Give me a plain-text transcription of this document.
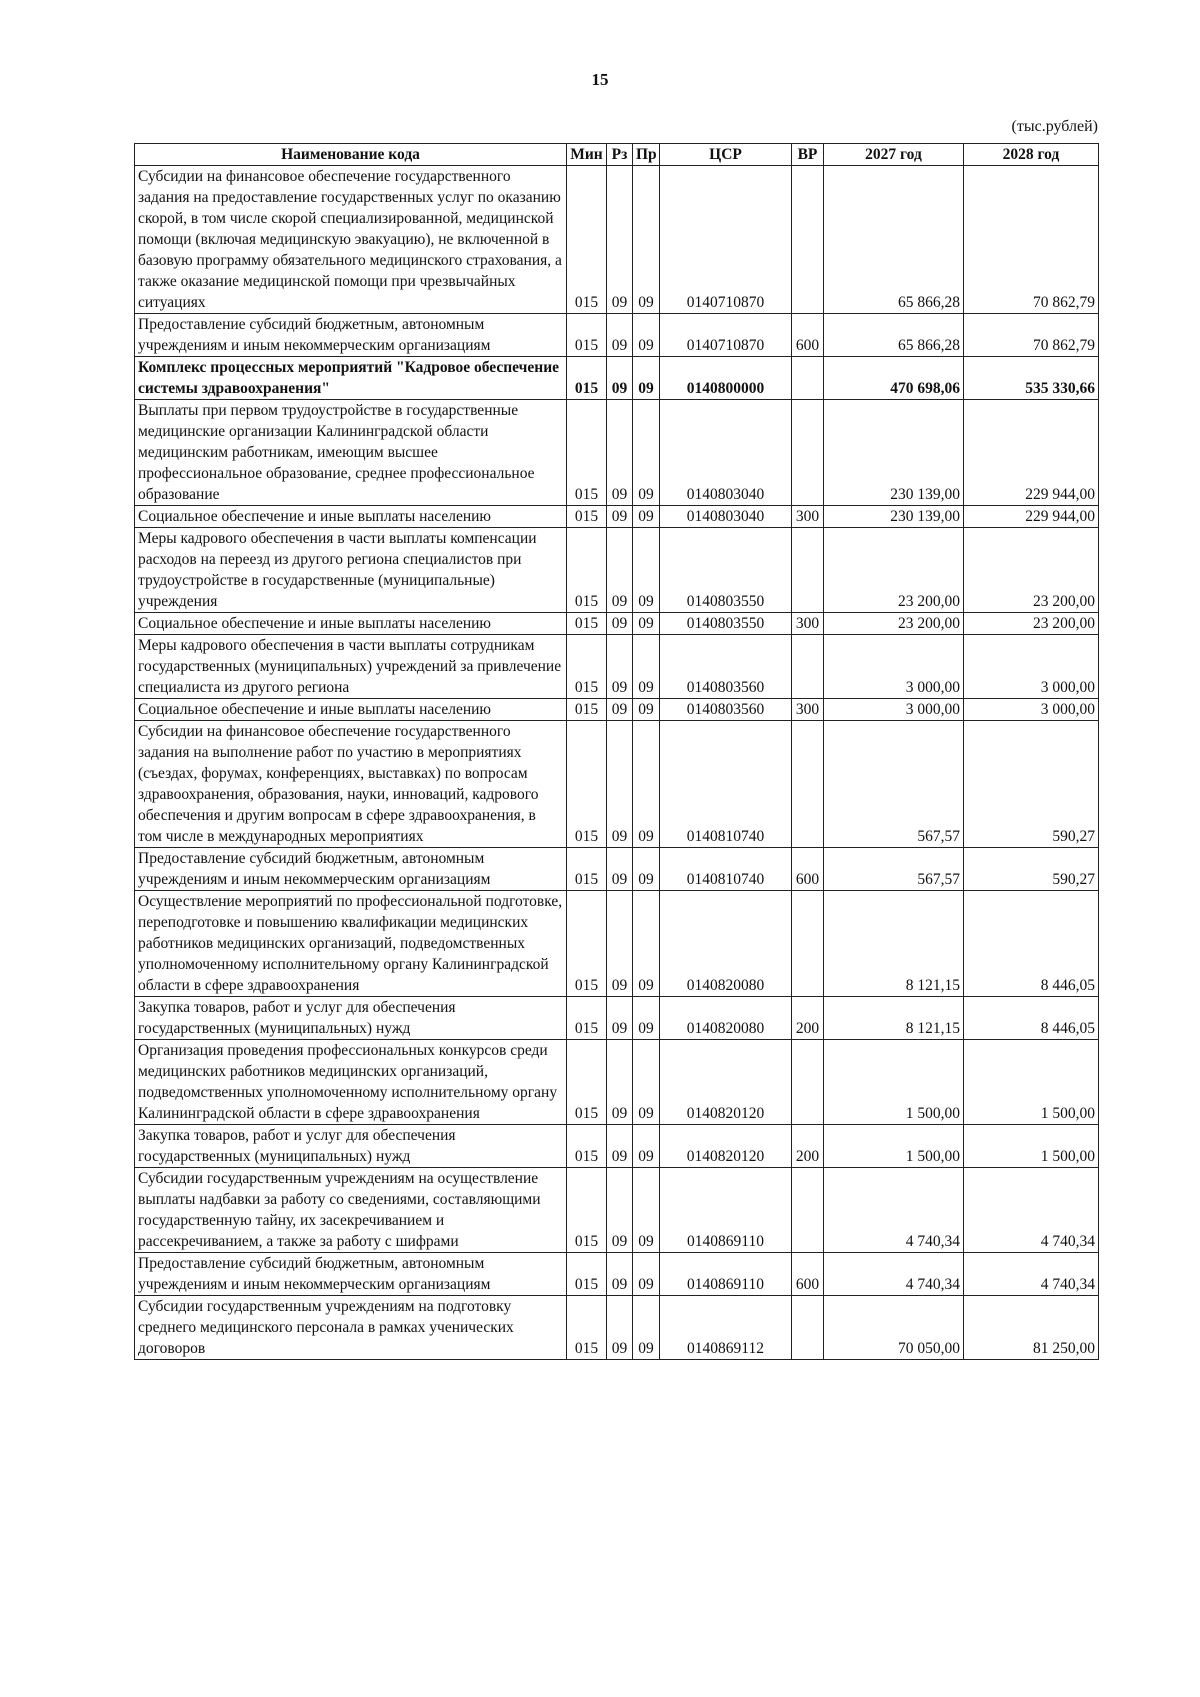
15
(тыс.рублей)
Наименование кода	Мин	Рз	Пр	ЦСР	ВР	2027 год	2028 год
Субсидии на финансовое обеспечение государственного задания на предоставление государственных услуг по оказанию скорой, в том числе скорой специализированной, медицинской помощи (включая медицинскую эвакуацию), не включенной в базовую программу обязательного медицинского страхования, а также оказание медицинской помощи при чрезвычайных ситуациях	015	09	09	0140710870		65 866,28	70 862,79
Предоставление субсидий бюджетным, автономным учреждениям и иным некоммерческим организациям	015	09	09	0140710870	600	65 866,28	70 862,79
Комплекс процессных мероприятий "Кадровое обеспечение системы здравоохранения"	015	09	09	0140800000		470 698,06	535 330,66
Выплаты при первом трудоустройстве в государственные медицинские организации Калининградской области медицинским работникам, имеющим высшее профессиональное образование, среднее профессиональное образование	015	09	09	0140803040		230 139,00	229 944,00
Социальное обеспечение и иные выплаты населению	015	09	09	0140803040	300	230 139,00	229 944,00
Меры кадрового обеспечения в части выплаты компенсации расходов на переезд из другого региона специалистов при трудоустройстве в государственные (муниципальные) учреждения	015	09	09	0140803550		23 200,00	23 200,00
Социальное обеспечение и иные выплаты населению	015	09	09	0140803550	300	23 200,00	23 200,00
Меры кадрового обеспечения в части выплаты сотрудникам государственных (муниципальных) учреждений за привлечение специалиста из другого региона	015	09	09	0140803560		3 000,00	3 000,00
Социальное обеспечение и иные выплаты населению	015	09	09	0140803560	300	3 000,00	3 000,00
Субсидии на финансовое обеспечение государственного задания на выполнение работ по участию в мероприятиях (съездах, форумах, конференциях, выставках) по вопросам здравоохранения, образования, науки, инноваций, кадрового обеспечения и другим вопросам в сфере здравоохранения, в том числе в международных мероприятиях	015	09	09	0140810740		567,57	590,27
Предоставление субсидий бюджетным, автономным учреждениям и иным некоммерческим организациям	015	09	09	0140810740	600	567,57	590,27
Осуществление мероприятий по профессиональной подготовке, переподготовке и повышению квалификации медицинских работников медицинских организаций, подведомственных уполномоченному исполнительному органу Калининградской области в сфере здравоохранения	015	09	09	0140820080		8 121,15	8 446,05
Закупка товаров, работ и услуг для обеспечения государственных (муниципальных) нужд	015	09	09	0140820080	200	8 121,15	8 446,05
Организация проведения профессиональных конкурсов среди медицинских работников медицинских организаций, подведомственных уполномоченному исполнительному органу Калининградской области в сфере здравоохранения	015	09	09	0140820120		1 500,00	1 500,00
Закупка товаров, работ и услуг для обеспечения государственных (муниципальных) нужд	015	09	09	0140820120	200	1 500,00	1 500,00
Субсидии государственным учреждениям на осуществление выплаты надбавки за работу со сведениями, составляющими государственную тайну, их засекречиванием и рассекречиванием, а также за работу с шифрами	015	09	09	0140869110		4 740,34	4 740,34
Предоставление субсидий бюджетным, автономным учреждениям и иным некоммерческим организациям	015	09	09	0140869110	600	4 740,34	4 740,34
Субсидии государственным учреждениям на подготовку среднего медицинского персонала в рамках ученических договоров	015	09	09	0140869112		70 050,00	81 250,00
